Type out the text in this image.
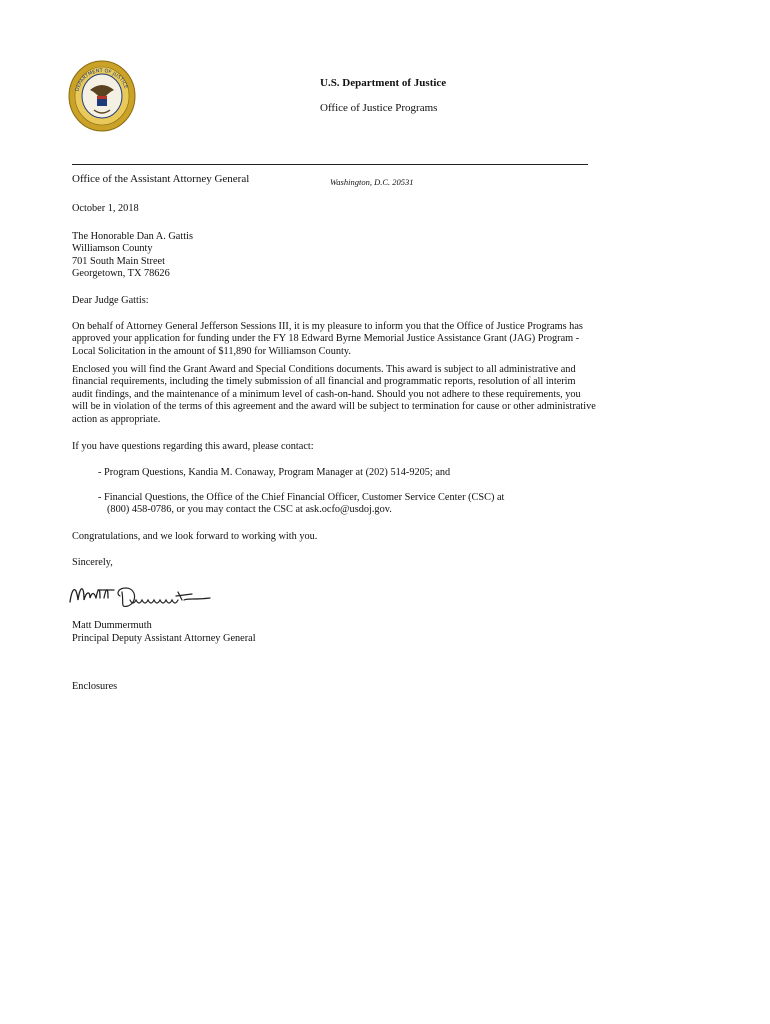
DEPARTMENT OF JUSTICE	U.S. Department of Justice
Office of Justice Programs
Office of the Assistant Attorney General	Washington, D.C. 20531
October 1, 2018
The Honorable Dan A. Gattis
Williamson County
701 South Main Street
Georgetown, TX 78626
Dear Judge Gattis:
On behalf of Attorney General Jefferson Sessions III, it is my pleasure to inform you that the Office of Justice Programs has
approved your application for funding under the FY 18 Edward Byrne Memorial Justice Assistance Grant (JAG) Program -
Local Solicitation in the amount of $11,890 for Williamson County.
Enclosed you will find the Grant Award and Special Conditions documents. This award is subject to all administrative and
financial requirements, including the timely submission of all financial and programmatic reports, resolution of all interim
audit findings, and the maintenance of a minimum level of cash-on-hand. Should you not adhere to these requirements, you
will be in violation of the terms of this agreement and the award will be subject to termination for cause or other administrative
action as appropriate.
If you have questions regarding this award, please contact:
- Program Questions, Kandia M. Conaway, Program Manager at (202) 514-9205; and
- Financial Questions, the Office of the Chief Financial Officer, Customer Service Center (CSC) at
(800) 458-0786, or you may contact the CSC at ask.ocfo@usdoj.gov.
Congratulations, and we look forward to working with you.
Sincerely,
Matt Dummermuth
Principal Deputy Assistant Attorney General
Enclosures
